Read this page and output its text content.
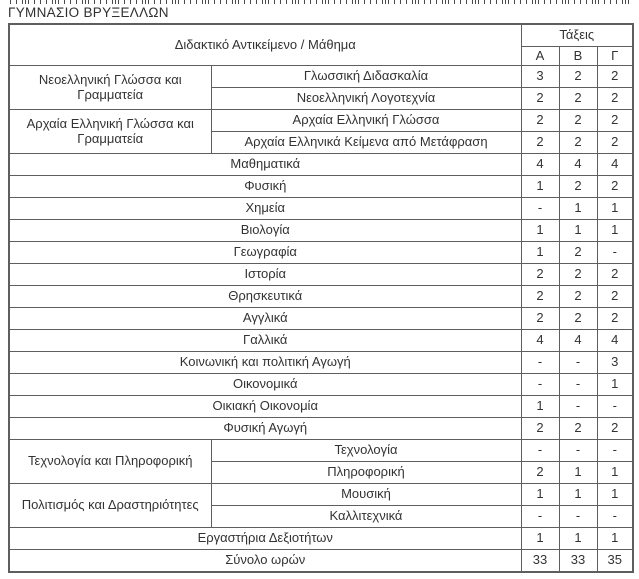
ΓΥΜΝΑΣΙΟ ΒΡΥΞΕΛΛΩΝ
Διδακτικό Αντικείμενο / Μάθημα		Τάξεις		
		Α	Β	Γ
Νεοελληνική Γλώσσα και Γραμματεία	Γλωσσική Διδασκαλία	3	2	2
	Νεοελληνική Λογοτεχνία	2	2	2
Αρχαία Ελληνική Γλώσσα και Γραμματεία	Αρχαία Ελληνική Γλώσσα	2	2	2
	Αρχαία Ελληνικά Κείμενα από Μετάφραση	2	2	2
Μαθηματικά		4	4	4
Φυσική		1	2	2
Χημεία		-	1	1
Βιολογία		1	1	1
Γεωγραφία		1	2	-
Ιστορία		2	2	2
Θρησκευτικά		2	2	2
Αγγλικά		2	2	2
Γαλλικά		4	4	4
Κοινωνική και πολιτική Αγωγή		-	-	3
Οικονομικά		-	-	1
Οικιακή Οικονομία		1	-	-
Φυσική Αγωγή		2	2	2
Τεχνολογία και Πληροφορική	Τεχνολογία	-	-	-
	Πληροφορική	2	1	1
Πολιτισμός και Δραστηριότητες	Μουσική	1	1	1
	Καλλιτεχνικά	-	-	-
Εργαστήρια Δεξιοτήτων		1	1	1
Σύνολο ωρών		33	33	35
